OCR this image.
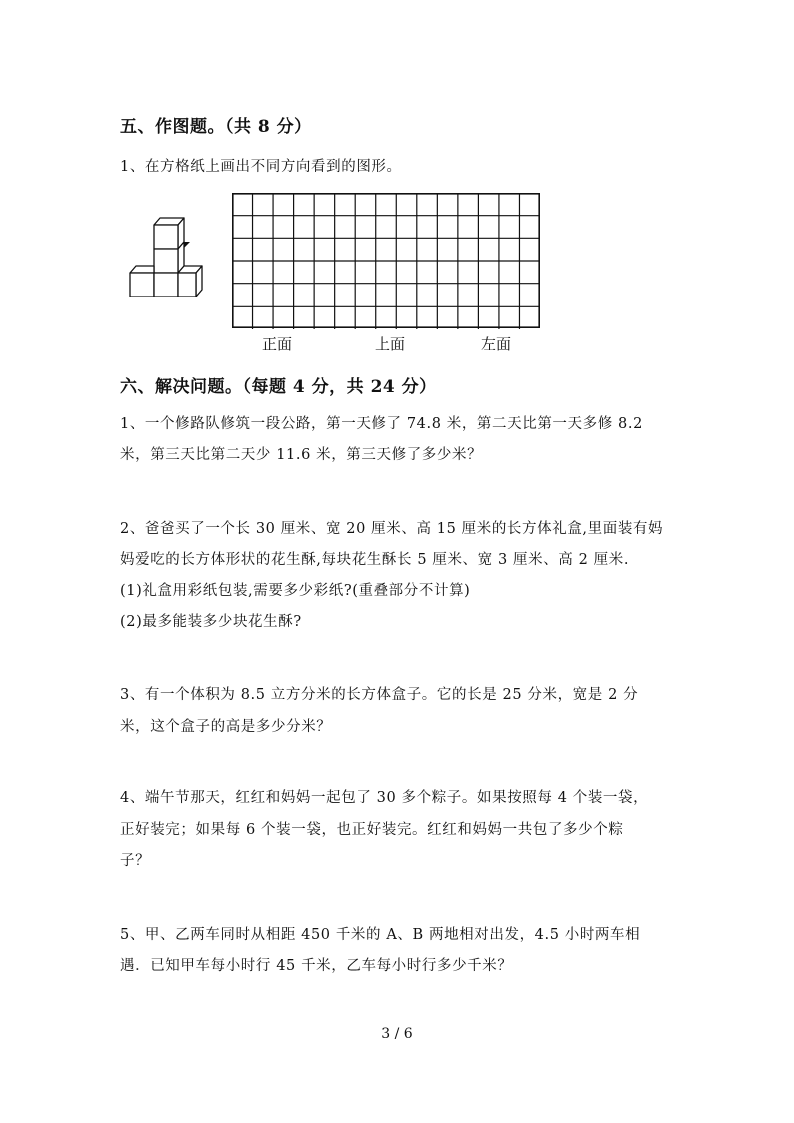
五、作图题。（共 8 分）
1、在方格纸上画出不同方向看到的图形。
正面	上面	左面
六、解决问题。（每题 4 分，共 24 分）
1、一个修路队修筑一段公路，第一天修了 74.8 米，第二天比第一天多修 8.2
米，第三天比第二天少 11.6 米，第三天修了多少米？
2、爸爸买了一个长 30 厘米、宽 20 厘米、高 15 厘米的长方体礼盒,里面装有妈
妈爱吃的长方体形状的花生酥,每块花生酥长 5 厘米、宽 3 厘米、高 2 厘米.
(1)礼盒用彩纸包装,需要多少彩纸?(重叠部分不计算)
(2)最多能装多少块花生酥?
3、有一个体积为 8.5 立方分米的长方体盒子。它的长是 25 分米，宽是 2 分
米，这个盒子的高是多少分米？
4、端午节那天，红红和妈妈一起包了 30 多个粽子。如果按照每 4 个装一袋，
正好装完；如果每 6 个装一袋，也正好装完。红红和妈妈一共包了多少个粽
子？
5、甲、乙两车同时从相距 450 千米的 A、B 两地相对出发，4.5 小时两车相
遇．已知甲车每小时行 45 千米，乙车每小时行多少千米？
3 / 6
